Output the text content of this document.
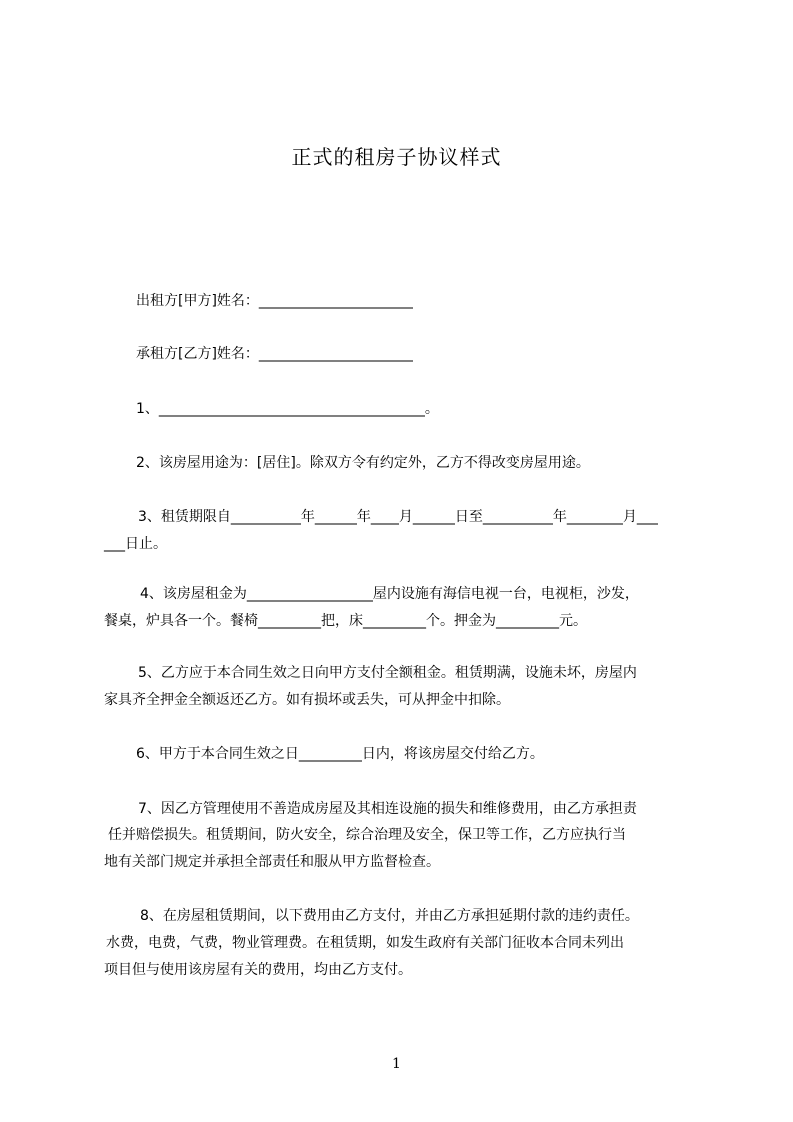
正式的租房子协议样式
出租方[甲方]姓名：______________________
承租方[乙方]姓名：______________________
1、______________________________________。
2、该房屋用途为：[居住]。除双方令有约定外，乙方不得改变房屋用途。
3、租赁期限自__________年______年____月______日至__________年________月___
___日止。
4、该房屋租金为__________________屋内设施有海信电视一台，电视柜，沙发，
餐桌，炉具各一个。餐椅_________把，床_________个。押金为_________元。
5、乙方应于本合同生效之日向甲方支付全额租金。租赁期满，设施未坏，房屋内
家具齐全押金全额返还乙方。如有损坏或丢失，可从押金中扣除。
6、甲方于本合同生效之日_________日内，将该房屋交付给乙方。
7、因乙方管理使用不善造成房屋及其相连设施的损失和维修费用，由乙方承担责
任并赔偿损失。租赁期间，防火安全，综合治理及安全，保卫等工作，乙方应执行当
地有关部门规定并承担全部责任和服从甲方监督检查。
8、在房屋租赁期间，以下费用由乙方支付，并由乙方承担延期付款的违约责任。
水费，电费，气费，物业管理费。在租赁期，如发生政府有关部门征收本合同未列出
项目但与使用该房屋有关的费用，均由乙方支付。
1
